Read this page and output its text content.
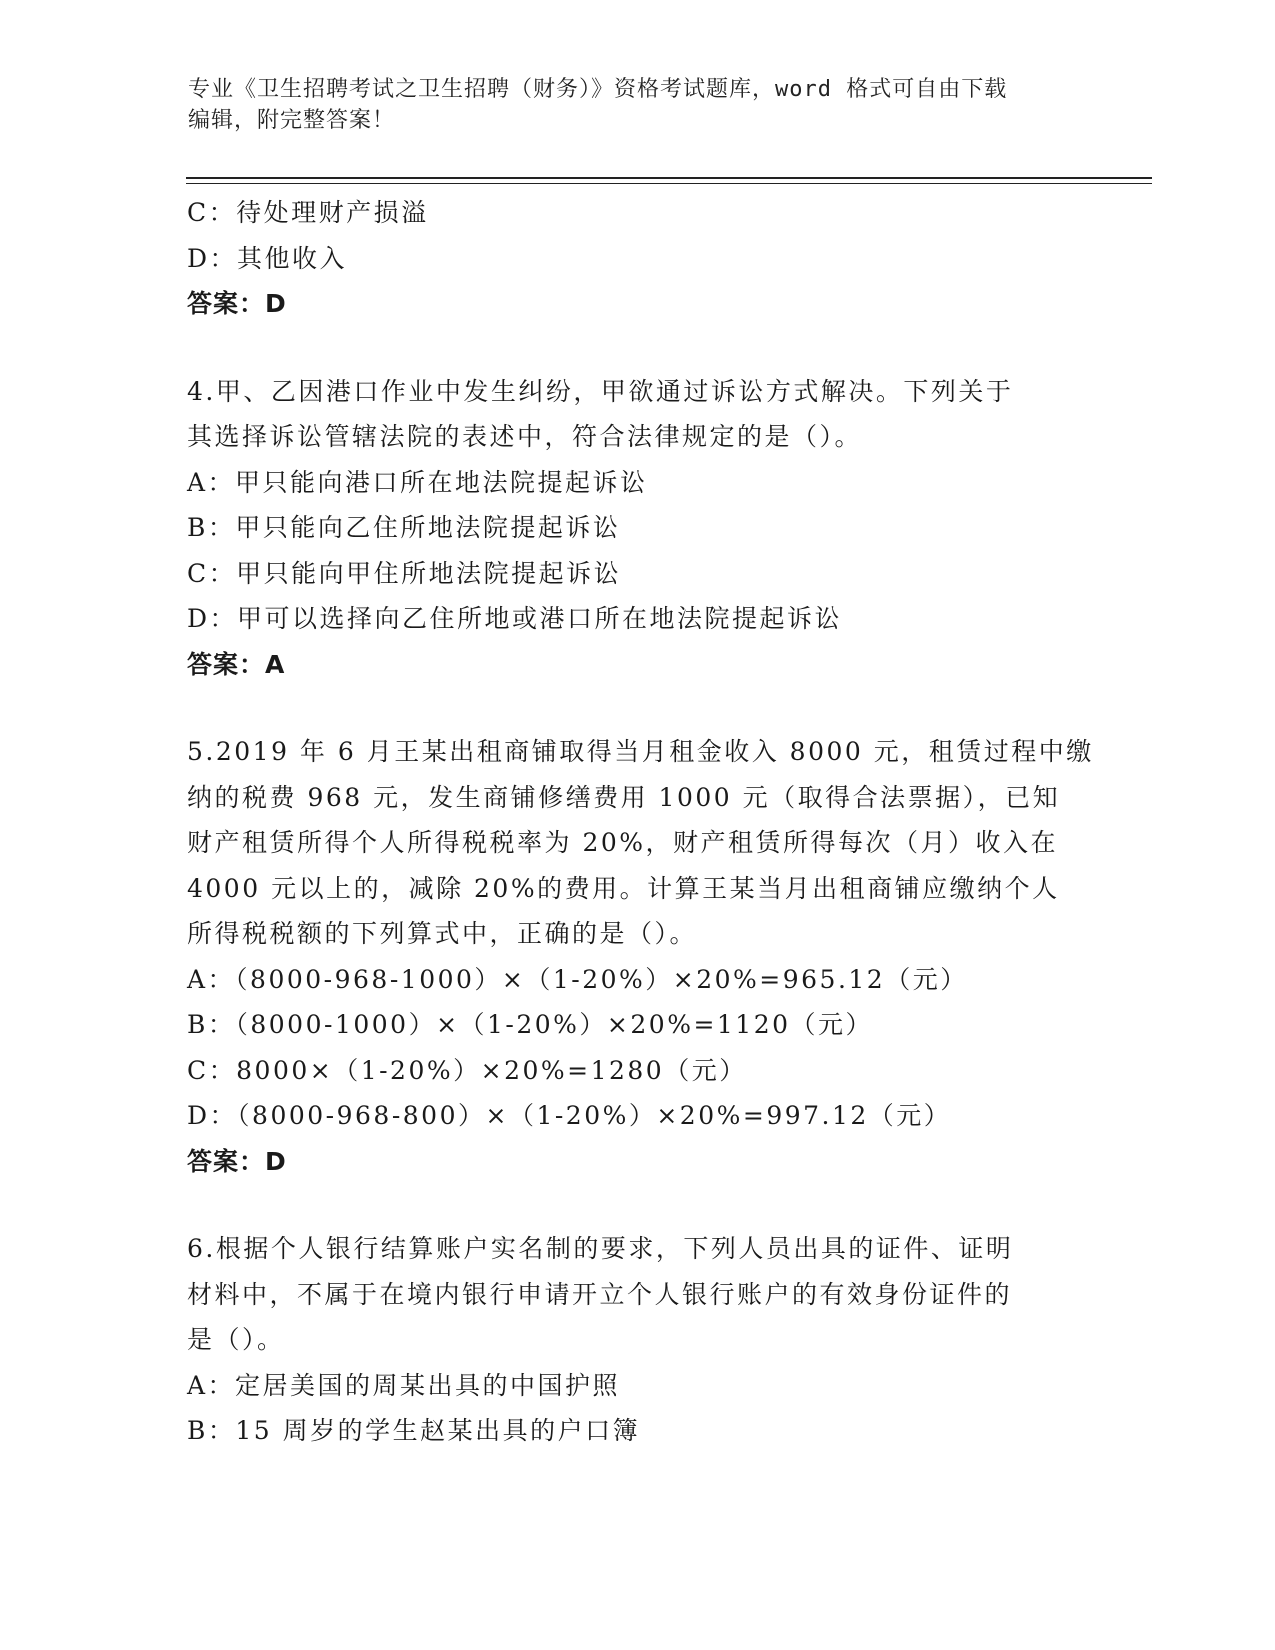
专业《卫生招聘考试之卫生招聘（财务）》资格考试题库，word 格式可自由下载
编辑，附完整答案！
C：待处理财产损溢
D：其他收入
答案：D
4.甲、乙因港口作业中发生纠纷，甲欲通过诉讼方式解决。下列关于
其选择诉讼管辖法院的表述中，符合法律规定的是（）。
A：甲只能向港口所在地法院提起诉讼
B：甲只能向乙住所地法院提起诉讼
C：甲只能向甲住所地法院提起诉讼
D：甲可以选择向乙住所地或港口所在地法院提起诉讼
答案：A
5.2019 年 6 月王某出租商铺取得当月租金收入 8000 元，租赁过程中缴
纳的税费 968 元，发生商铺修缮费用 1000 元（取得合法票据），已知
财产租赁所得个人所得税税率为 20%，财产租赁所得每次（月）收入在
4000 元以上的，减除 20%的费用。计算王某当月出租商铺应缴纳个人
所得税税额的下列算式中，正确的是（）。
A：（8000-968-1000）×（1-20%）×20%=965.12（元）
B：（8000-1000）×（1-20%）×20%=1120（元）
C：8000×（1-20%）×20%=1280（元）
D：（8000-968-800）×（1-20%）×20%=997.12（元）
答案：D
6.根据个人银行结算账户实名制的要求，下列人员出具的证件、证明
材料中，不属于在境内银行申请开立个人银行账户的有效身份证件的
是（）。
A：定居美国的周某出具的中国护照
B：15 周岁的学生赵某出具的户口簿
